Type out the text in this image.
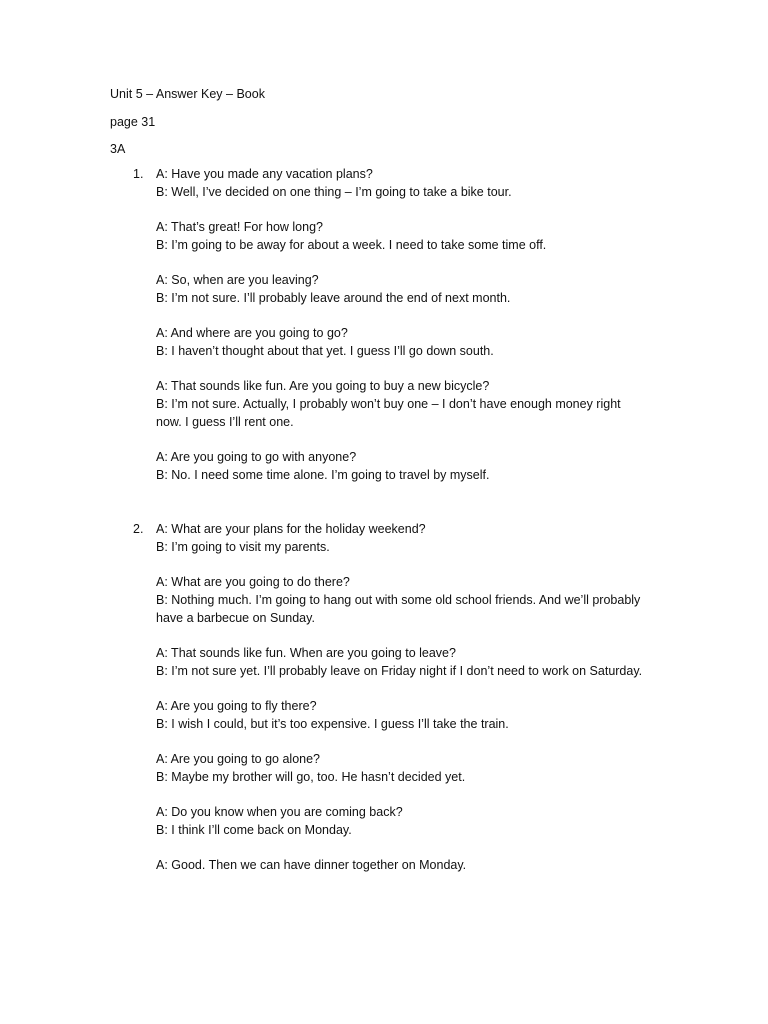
Unit 5 – Answer Key – Book
page 31
3A
1. A: Have you made any vacation plans?

B: Well, I’ve decided on one thing – I’m going to take a bike tour.

A: That’s great! For how long?

B: I’m going to be away for about a week. I need to take some time off.

A: So, when are you leaving?

B: I’m not sure. I’ll probably leave around the end of next month.

A: And where are you going to go?

B: I haven’t thought about that yet. I guess I’ll go down south.

A: That sounds like fun. Are you going to buy a new bicycle?

B: I’m not sure. Actually, I probably won’t buy one – I don’t have enough money right now. I guess I’ll rent one.

A: Are you going to go with anyone?

B: No. I need some time alone. I’m going to travel by myself.

2. A: What are your plans for the holiday weekend?

B: I’m going to visit my parents.

A: What are you going to do there?

B: Nothing much. I’m going to hang out with some old school friends. And we’ll probably have a barbecue on Sunday.

A: That sounds like fun. When are you going to leave?

B: I’m not sure yet. I’ll probably leave on Friday night if I don’t need to work on Saturday.

A: Are you going to fly there?

B: I wish I could, but it’s too expensive. I guess I’ll take the train.

A: Are you going to go alone?

B: Maybe my brother will go, too. He hasn’t decided yet.

A: Do you know when you are coming back?

B: I think I’ll come back on Monday.

A: Good. Then we can have dinner together on Monday.
